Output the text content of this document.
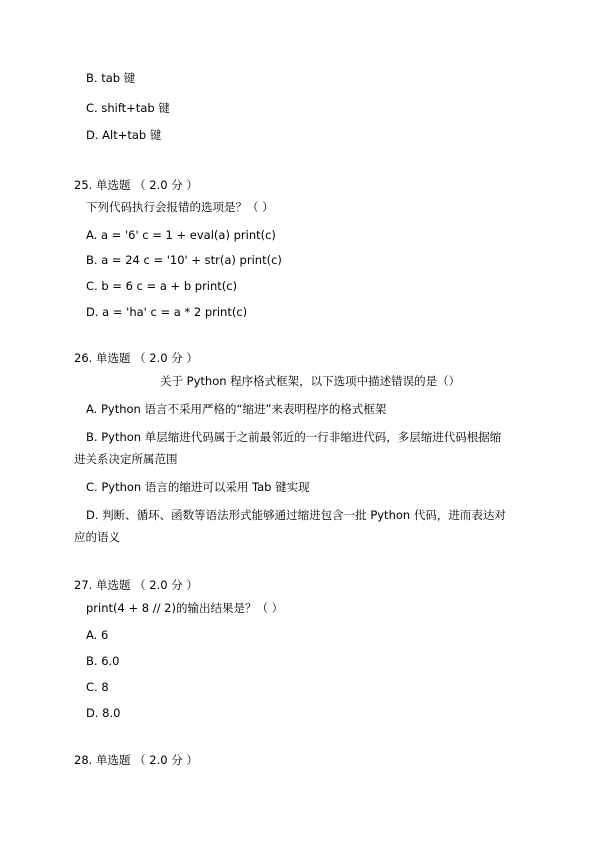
B. tab 键
C. shift+tab 键
D. Alt+tab 键
25. 单选题 （ 2.0 分 ）
下列代码执行会报错的选项是？（ ）
A. a = '6' c = 1 + eval(a) print(c)
B. a = 24 c = '10' + str(a) print(c)
C. b = 6 c = a + b print(c)
D. a = 'ha' c = a * 2 print(c)
26. 单选题 （ 2.0 分 ）
关于 Python 程序格式框架，以下选项中描述错误的是（）
A. Python 语言不采用严格的“缩进”来表明程序的格式框架
B. Python 单层缩进代码属于之前最邻近的一行非缩进代码，多层缩进代码根据缩
进关系决定所属范围
C. Python 语言的缩进可以采用 Tab 键实现
D. 判断、循环、函数等语法形式能够通过缩进包含一批 Python 代码，进而表达对
应的语义
27. 单选题 （ 2.0 分 ）
print(4 + 8 // 2)的输出结果是？（ ）
A. 6
B. 6.0
C. 8
D. 8.0
28. 单选题 （ 2.0 分 ）
